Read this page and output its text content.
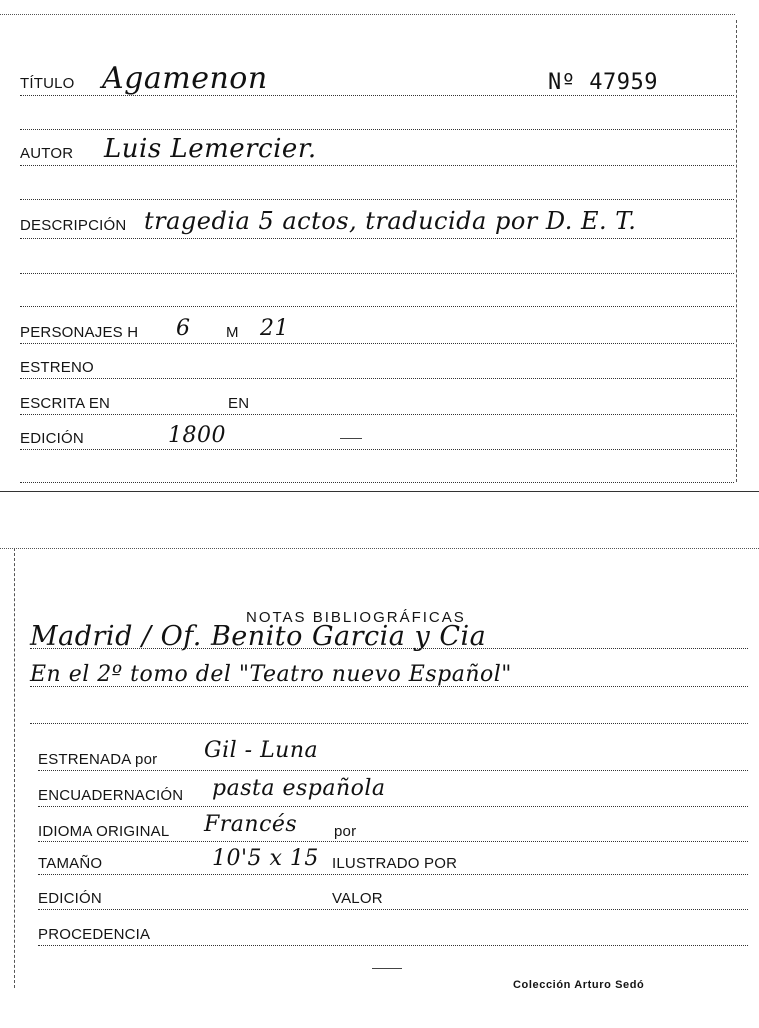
TÍTULO Agamenon	Nº 47959
AUTOR Luis Lemercier.
DESCRIPCIÓN tragedia 5 actos, traducida por D. E. T.
PERSONAJES H 6 M 21
ESTRENO
ESCRITA EN	EN
EDICIÓN	1800
NOTAS BIBLIOGRÁFICAS
Madrid / Of. Benito Garcia y Cia
En el 2º tomo del "Teatro nuevo Español"
ESTRENADA por Gil - Luna
ENCUADERNACIÓN pasta española
IDIOMA ORIGINAL Francés por
TAMAÑO	10'5 x 15 ILUSTRADO POR
EDICIÓN	VALOR
PROCEDENCIA
Colección Arturo Sedó
